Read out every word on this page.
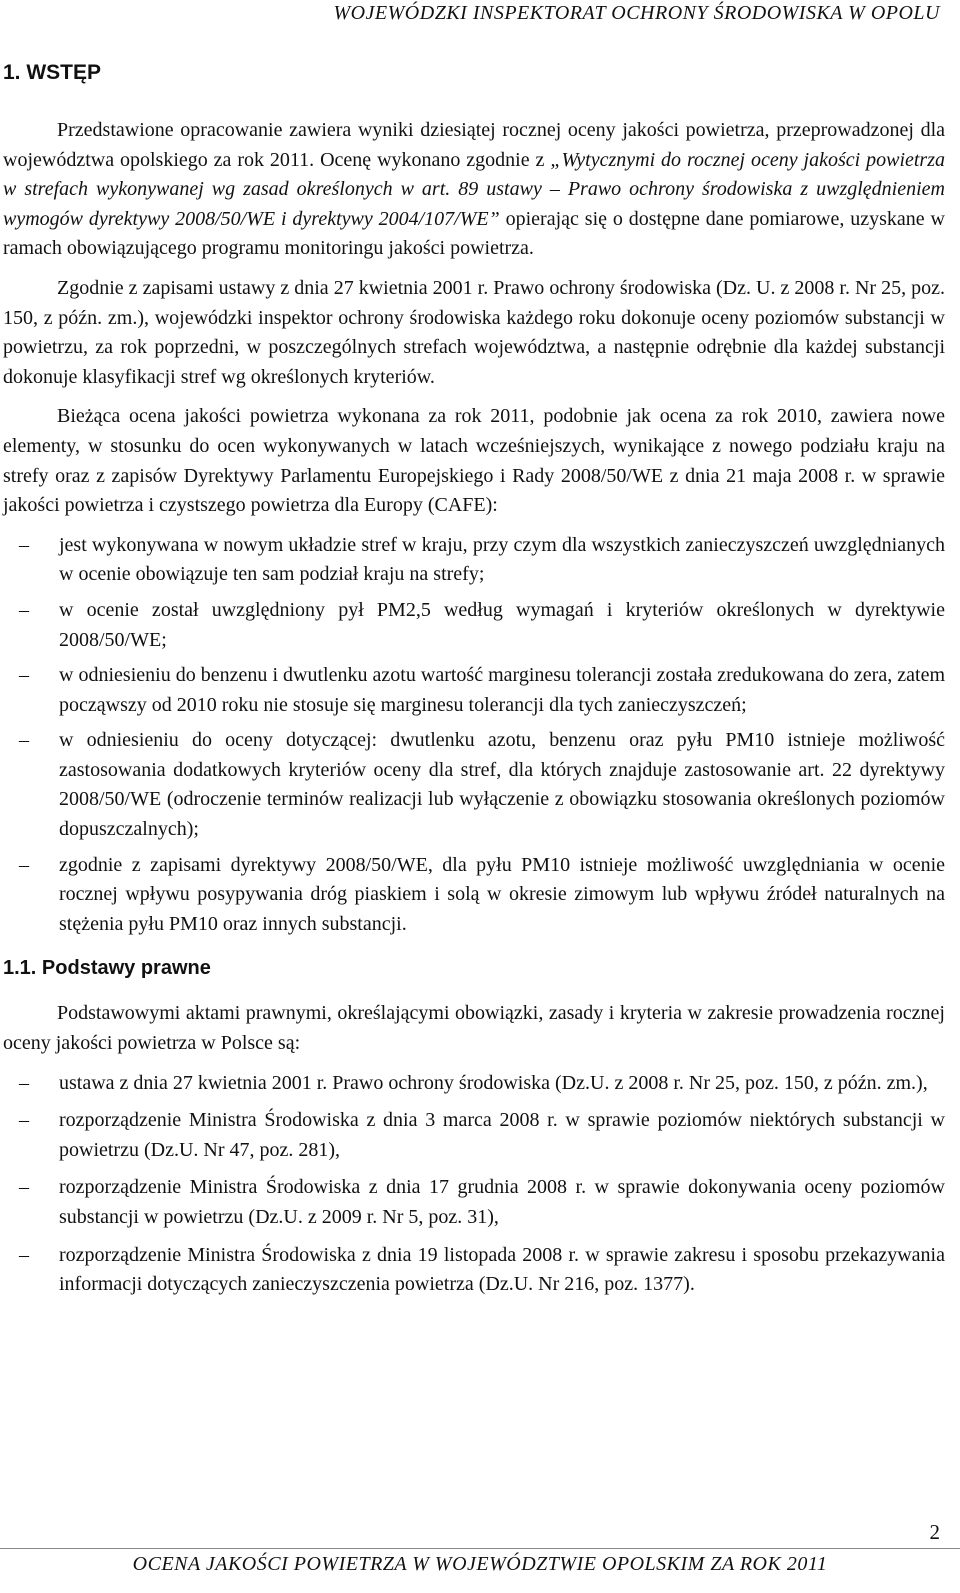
WOJEWÓDZKI INSPEKTORAT OCHRONY ŚRODOWISKA W OPOLU
1. WSTĘP

Przedstawione opracowanie zawiera wyniki dziesiątej rocznej oceny jakości powietrza, przeprowadzonej dla województwa opolskiego za rok 2011. Ocenę wykonano zgodnie z „Wytycznymi do rocznej oceny jakości powietrza w strefach wykonywanej wg zasad określonych w art. 89 ustawy – Prawo ochrony środowiska z uwzględnieniem wymogów dyrektywy 2008/50/WE i dyrektywy 2004/107/WE” opierając się o dostępne dane pomiarowe, uzyskane w ramach obowiązującego programu monitoringu jakości powietrza.

Zgodnie z zapisami ustawy z dnia 27 kwietnia 2001 r. Prawo ochrony środowiska (Dz. U. z 2008 r. Nr 25, poz. 150, z późn. zm.), wojewódzki inspektor ochrony środowiska każdego roku dokonuje oceny poziomów substancji w powietrzu, za rok poprzedni, w poszczególnych strefach województwa, a następnie odrębnie dla każdej substancji dokonuje klasyfikacji stref wg określonych kryteriów.

Bieżąca ocena jakości powietrza wykonana za rok 2011, podobnie jak ocena za rok 2010, zawiera nowe elementy, w stosunku do ocen wykonywanych w latach wcześniejszych, wynikające z nowego podziału kraju na strefy oraz z zapisów Dyrektywy Parlamentu Europejskiego i Rady 2008/50/WE z dnia 21 maja 2008 r. w sprawie jakości powietrza i czystszego powietrza dla Europy (CAFE):

– jest wykonywana w nowym układzie stref w kraju, przy czym dla wszystkich zanieczyszczeń uwzględnianych w ocenie obowiązuje ten sam podział kraju na strefy;
– w ocenie został uwzględniony pył PM2,5 według wymagań i kryteriów określonych w dyrektywie 2008/50/WE;
– w odniesieniu do benzenu i dwutlenku azotu wartość marginesu tolerancji została zredukowana do zera, zatem począwszy od 2010 roku nie stosuje się marginesu tolerancji dla tych zanieczyszczeń;
– w odniesieniu do oceny dotyczącej: dwutlenku azotu, benzenu oraz pyłu PM10 istnieje możliwość zastosowania dodatkowych kryteriów oceny dla stref, dla których znajduje zastosowanie art. 22 dyrektywy 2008/50/WE (odroczenie terminów realizacji lub wyłączenie z obowiązku stosowania określonych poziomów dopuszczalnych);
– zgodnie z zapisami dyrektywy 2008/50/WE, dla pyłu PM10 istnieje możliwość uwzględniania w ocenie rocznej wpływu posypywania dróg piaskiem i solą w okresie zimowym lub wpływu źródeł naturalnych na stężenia pyłu PM10 oraz innych substancji.
1.1. Podstawy prawne

Podstawowymi aktami prawnymi, określającymi obowiązki, zasady i kryteria w zakresie prowadzenia rocznej oceny jakości powietrza w Polsce są:

– ustawa z dnia 27 kwietnia 2001 r. Prawo ochrony środowiska (Dz.U. z 2008 r. Nr 25, poz. 150, z późn. zm.),
– rozporządzenie Ministra Środowiska z dnia 3 marca 2008 r. w sprawie poziomów niektórych substancji w powietrzu (Dz.U. Nr 47, poz. 281),
– rozporządzenie Ministra Środowiska z dnia 17 grudnia 2008 r. w sprawie dokonywania oceny poziomów substancji w powietrzu (Dz.U. z 2009 r. Nr 5, poz. 31),
– rozporządzenie Ministra Środowiska z dnia 19 listopada 2008 r. w sprawie zakresu i sposobu przekazywania informacji dotyczących zanieczyszczenia powietrza (Dz.U. Nr 216, poz. 1377).
2
OCENA JAKOŚCI POWIETRZA W WOJEWÓDZTWIE OPOLSKIM ZA ROK 2011
